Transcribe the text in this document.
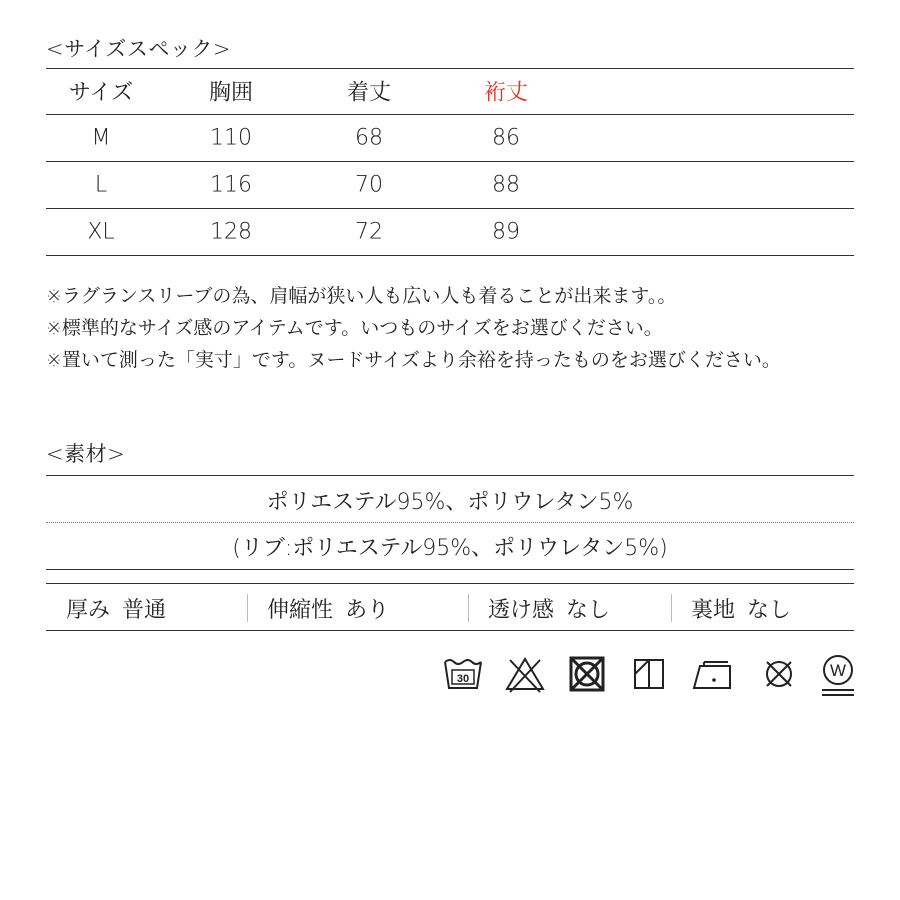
<サイズスペック>
サイズ	胸囲	着丈	裄丈
M	110	68	86
L	116	70	88
XL	128	72	89
※ラグランスリーブの為、肩幅が狭い人も広い人も着ることが出来ます。。
※標準的なサイズ感のアイテムです。いつものサイズをお選びください。
※置いて測った「実寸」です。ヌードサイズより余裕を持ったものをお選びください。
<素材>
ポリエステル95%、ポリウレタン5%
(リブ:ポリエステル95%、ポリウレタン5%)
厚み 普通	伸縮性 あり	透け感 なし	裏地 なし
30	W
